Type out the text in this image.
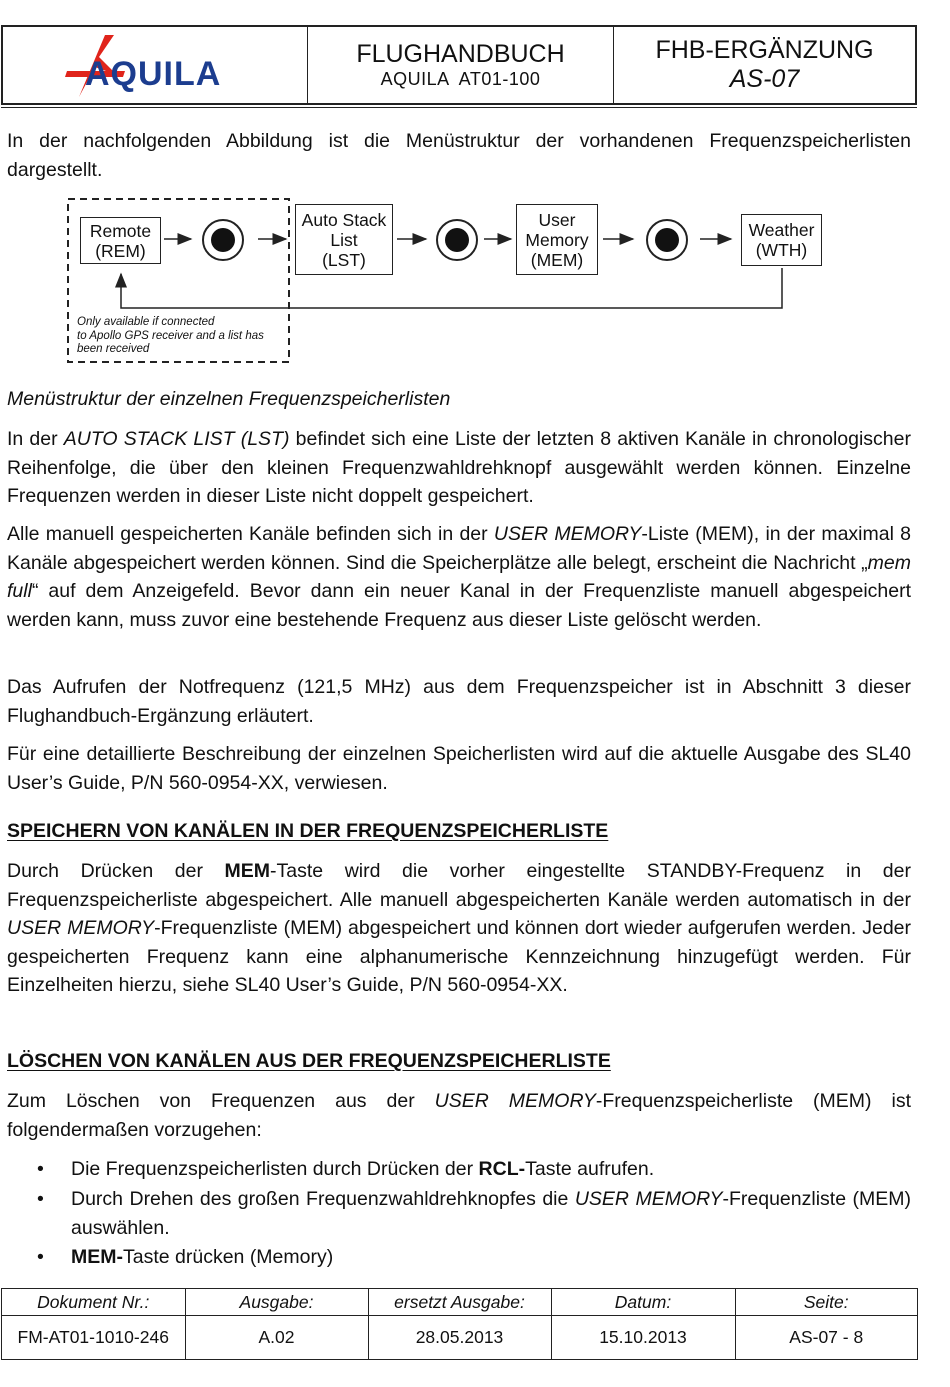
AQUILA
FLUGHANDBUCH
AQUILA  AT01-100
FHB-ERGÄNZUNG
AS-07

In der nachfolgenden Abbildung ist die Menüstruktur der vorhandenen Frequenzspeicherlisten dargestellt.

Remote
(REM)
Auto Stack
List
(LST)
User
Memory
(MEM)
Weather
(WTH)
Only available if connected
to Apollo GPS receiver and a list has
been received

Menüstruktur der einzelnen Frequenzspeicherlisten

In der AUTO STACK LIST (LST) befindet sich eine Liste der letzten 8 aktiven Kanäle in chronologischer Reihenfolge, die über den kleinen Frequenzwahldrehknopf ausgewählt werden können. Einzelne Frequenzen werden in dieser Liste nicht doppelt gespeichert.

Alle manuell gespeicherten Kanäle befinden sich in der USER MEMORY-Liste (MEM), in der maximal 8 Kanäle abgespeichert werden können. Sind die Speicherplätze alle belegt, erscheint die Nachricht „mem full“ auf dem Anzeigefeld. Bevor dann ein neuer Kanal in der Frequenzliste manuell abgespeichert werden kann, muss zuvor eine bestehende Frequenz aus dieser Liste gelöscht werden.

Das Aufrufen der Notfrequenz (121,5 MHz) aus dem Frequenzspeicher ist in Abschnitt 3 dieser Flughandbuch-Ergänzung erläutert.

Für eine detaillierte Beschreibung der einzelnen Speicherlisten wird auf die aktuelle Ausgabe des SL40 User’s Guide, P/N 560-0954-XX, verwiesen.

SPEICHERN VON KANÄLEN IN DER FREQUENZSPEICHERLISTE

Durch Drücken der MEM-Taste wird die vorher eingestellte STANDBY-Frequenz in der Frequenzspeicherliste abgespeichert. Alle manuell abgespeicherten Kanäle werden automatisch in der USER MEMORY-Frequenzliste (MEM) abgespeichert und können dort wieder aufgerufen werden. Jeder gespeicherten Frequenz kann eine alphanumerische Kennzeichnung hinzugefügt werden. Für Einzelheiten hierzu, siehe SL40 User’s Guide, P/N 560-0954-XX.

LÖSCHEN VON KANÄLEN AUS DER FREQUENZSPEICHERLISTE

Zum Löschen von Frequenzen aus der USER MEMORY-Frequenzspeicherliste (MEM) ist folgendermaßen vorzugehen:

• Die Frequenzspeicherlisten durch Drücken der RCL-Taste aufrufen.
• Durch Drehen des großen Frequenzwahldrehknopfes die USER MEMORY-Frequenzliste (MEM) auswählen.
• MEM-Taste drücken (Memory)
Dokument Nr.:	Ausgabe:	ersetzt Ausgabe:	Datum:	Seite:
FM-AT01-1010-246	A.02	28.05.2013	15.10.2013	AS-07 - 8
